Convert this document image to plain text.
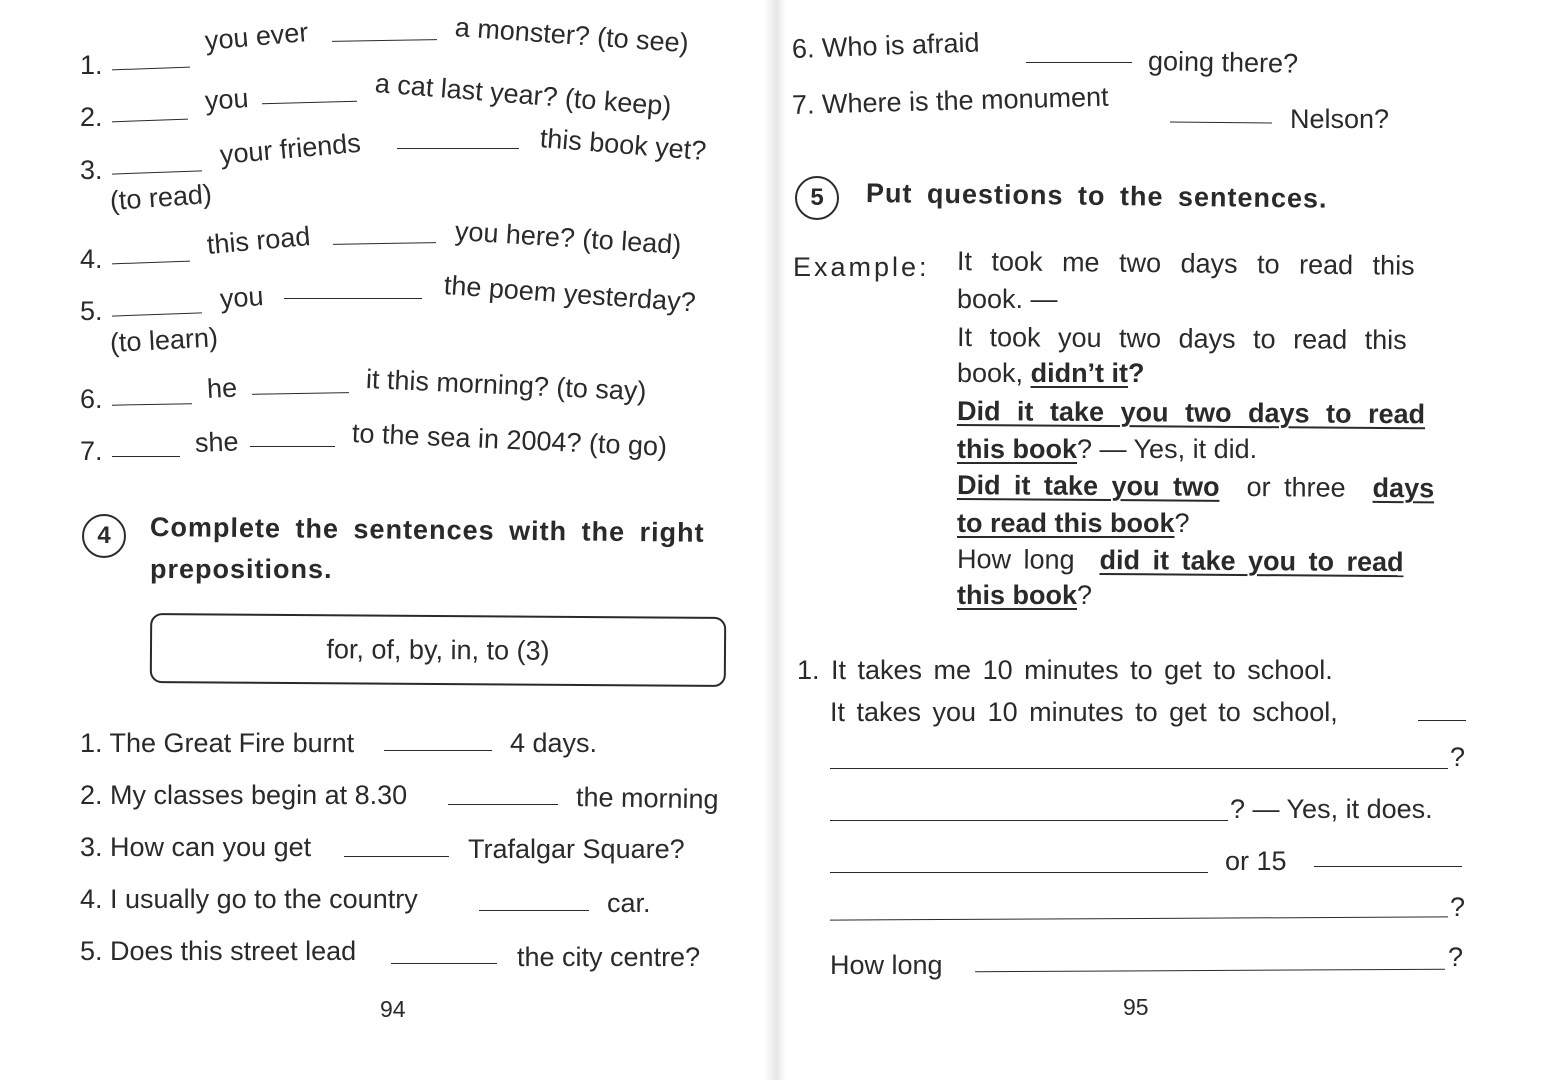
1.
you ever	a monster? (to see)
2.
you	a cat last year? (to keep)
3.
your friends	this book yet?
(to read)
4.	this road	you here? (to lead)
5.	you	the poem yesterday?
(to learn)
6.	he	it this morning? (to say)
7.	she	to the sea in 2004? (to go)
4	Complete the sentences with the right
prepositions.
for, of, by, in, to (3)
1. The Great Fire burnt	4 days.
2. My classes begin at 8.30	the morning
3. How can you get	Trafalgar Square?
4. I usually go to the country	car.
5. Does this street lead	the city centre?
94
6. Who is afraid	going there?
7. Where is the monument	Nelson?
5	Put questions to the sentences.
Example: It took me two days to read this
book. —
It took you two days to read this
book, didn’t it?
Did it take you two days to read
this book? — Yes, it did.
Did it take you two or three days
to read this book?
How long did it take you to read
this book?
1. It takes me 10 minutes to get to school.
It takes you 10 minutes to get to school,
?
? — Yes, it does.
or 15
?
How long	?
95
